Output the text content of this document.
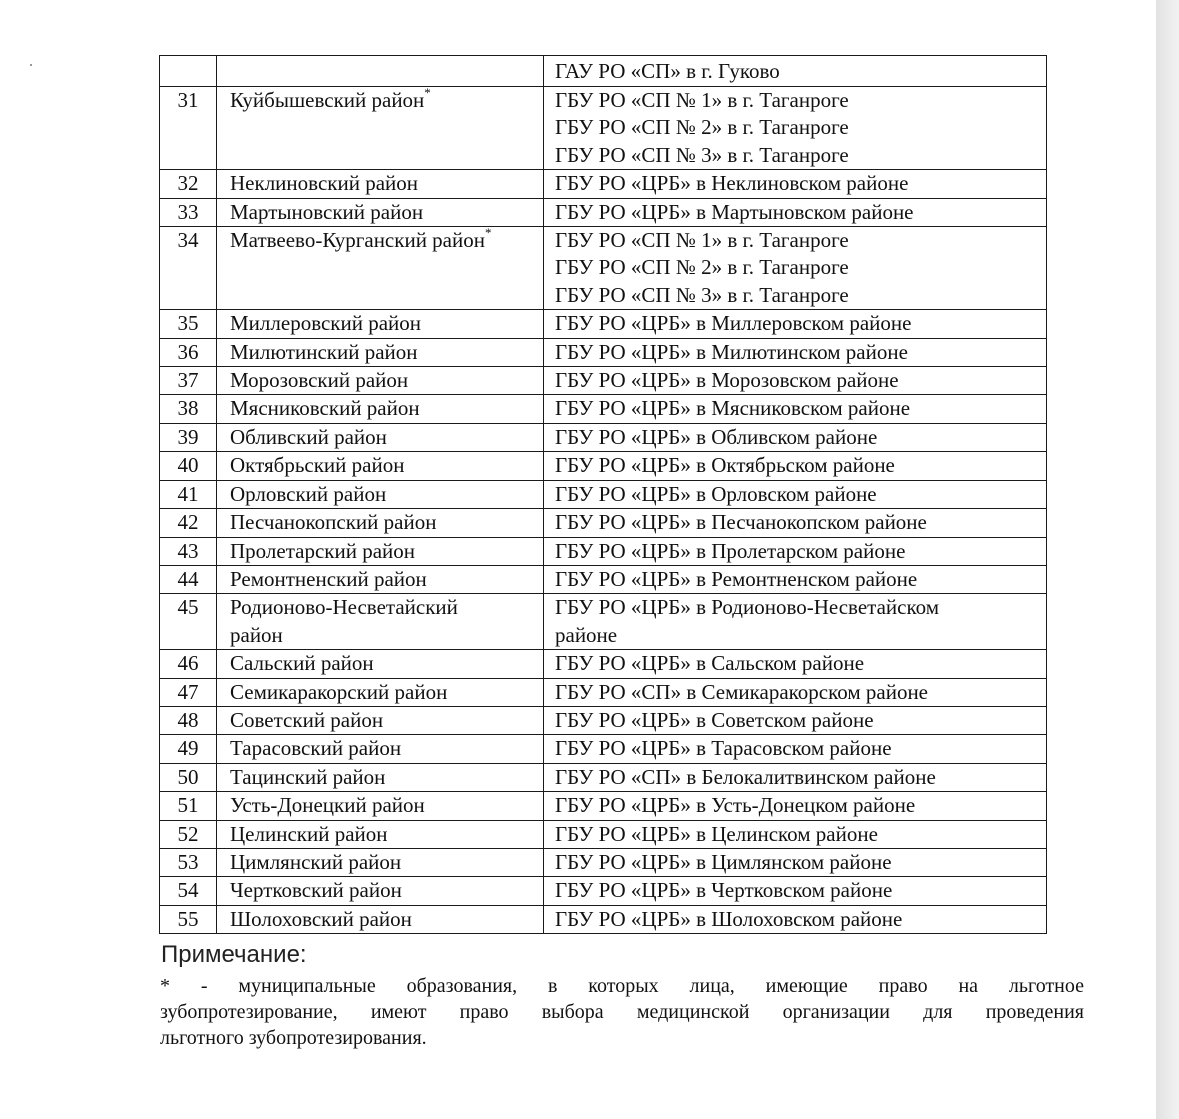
		ГАУ РО «СП» в г. Гуково

31	Куйбышевский район*	ГБУ РО «СП № 1» в г. Таганроге
ГБУ РО «СП № 2» в г. Таганроге
ГБУ РО «СП № 3» в г. Таганроге

32	Неклиновский район	ГБУ РО «ЦРБ» в Неклиновском районе

33	Мартыновский район	ГБУ РО «ЦРБ» в Мартыновском районе

34	Матвеево-Курганский район*	ГБУ РО «СП № 1» в г. Таганроге
ГБУ РО «СП № 2» в г. Таганроге
ГБУ РО «СП № 3» в г. Таганроге

35	Миллеровский район	ГБУ РО «ЦРБ» в Миллеровском районе

36	Милютинский район	ГБУ РО «ЦРБ» в Милютинском районе

37	Морозовский район	ГБУ РО «ЦРБ» в Морозовском районе

38	Мясниковский район	ГБУ РО «ЦРБ» в Мясниковском районе

39	Обливский район	ГБУ РО «ЦРБ» в Обливском районе

40	Октябрьский район	ГБУ РО «ЦРБ» в Октябрьском районе

41	Орловский район	ГБУ РО «ЦРБ» в Орловском районе

42	Песчанокопский район	ГБУ РО «ЦРБ» в Песчанокопском районе

43	Пролетарский район	ГБУ РО «ЦРБ» в Пролетарском районе

44	Ремонтненский район	ГБУ РО «ЦРБ» в Ремонтненском районе

45	Родионово-Несветайский
район	ГБУ РО «ЦРБ» в Родионово-Несветайском
районе

46	Сальский район	ГБУ РО «ЦРБ» в Сальском районе

47	Семикаракорский район	ГБУ РО «СП» в Семикаракорском районе

48	Советский район	ГБУ РО «ЦРБ» в Советском районе

49	Тарасовский район	ГБУ РО «ЦРБ» в Тарасовском районе

50	Тацинский район	ГБУ РО «СП» в Белокалитвинском районе

51	Усть-Донецкий район	ГБУ РО «ЦРБ» в Усть-Донецком районе

52	Целинский район	ГБУ РО «ЦРБ» в Целинском районе

53	Цимлянский район	ГБУ РО «ЦРБ» в Цимлянском районе

54	Чертковский район	ГБУ РО «ЦРБ» в Чертковском районе

55	Шолоховский район	ГБУ РО «ЦРБ» в Шолоховском районе
Примечание:
* - муниципальные образования, в которых лица, имеющие право на льготное
зубопротезирование, имеют право выбора медицинской организации для проведения
льготного зубопротезирования.
